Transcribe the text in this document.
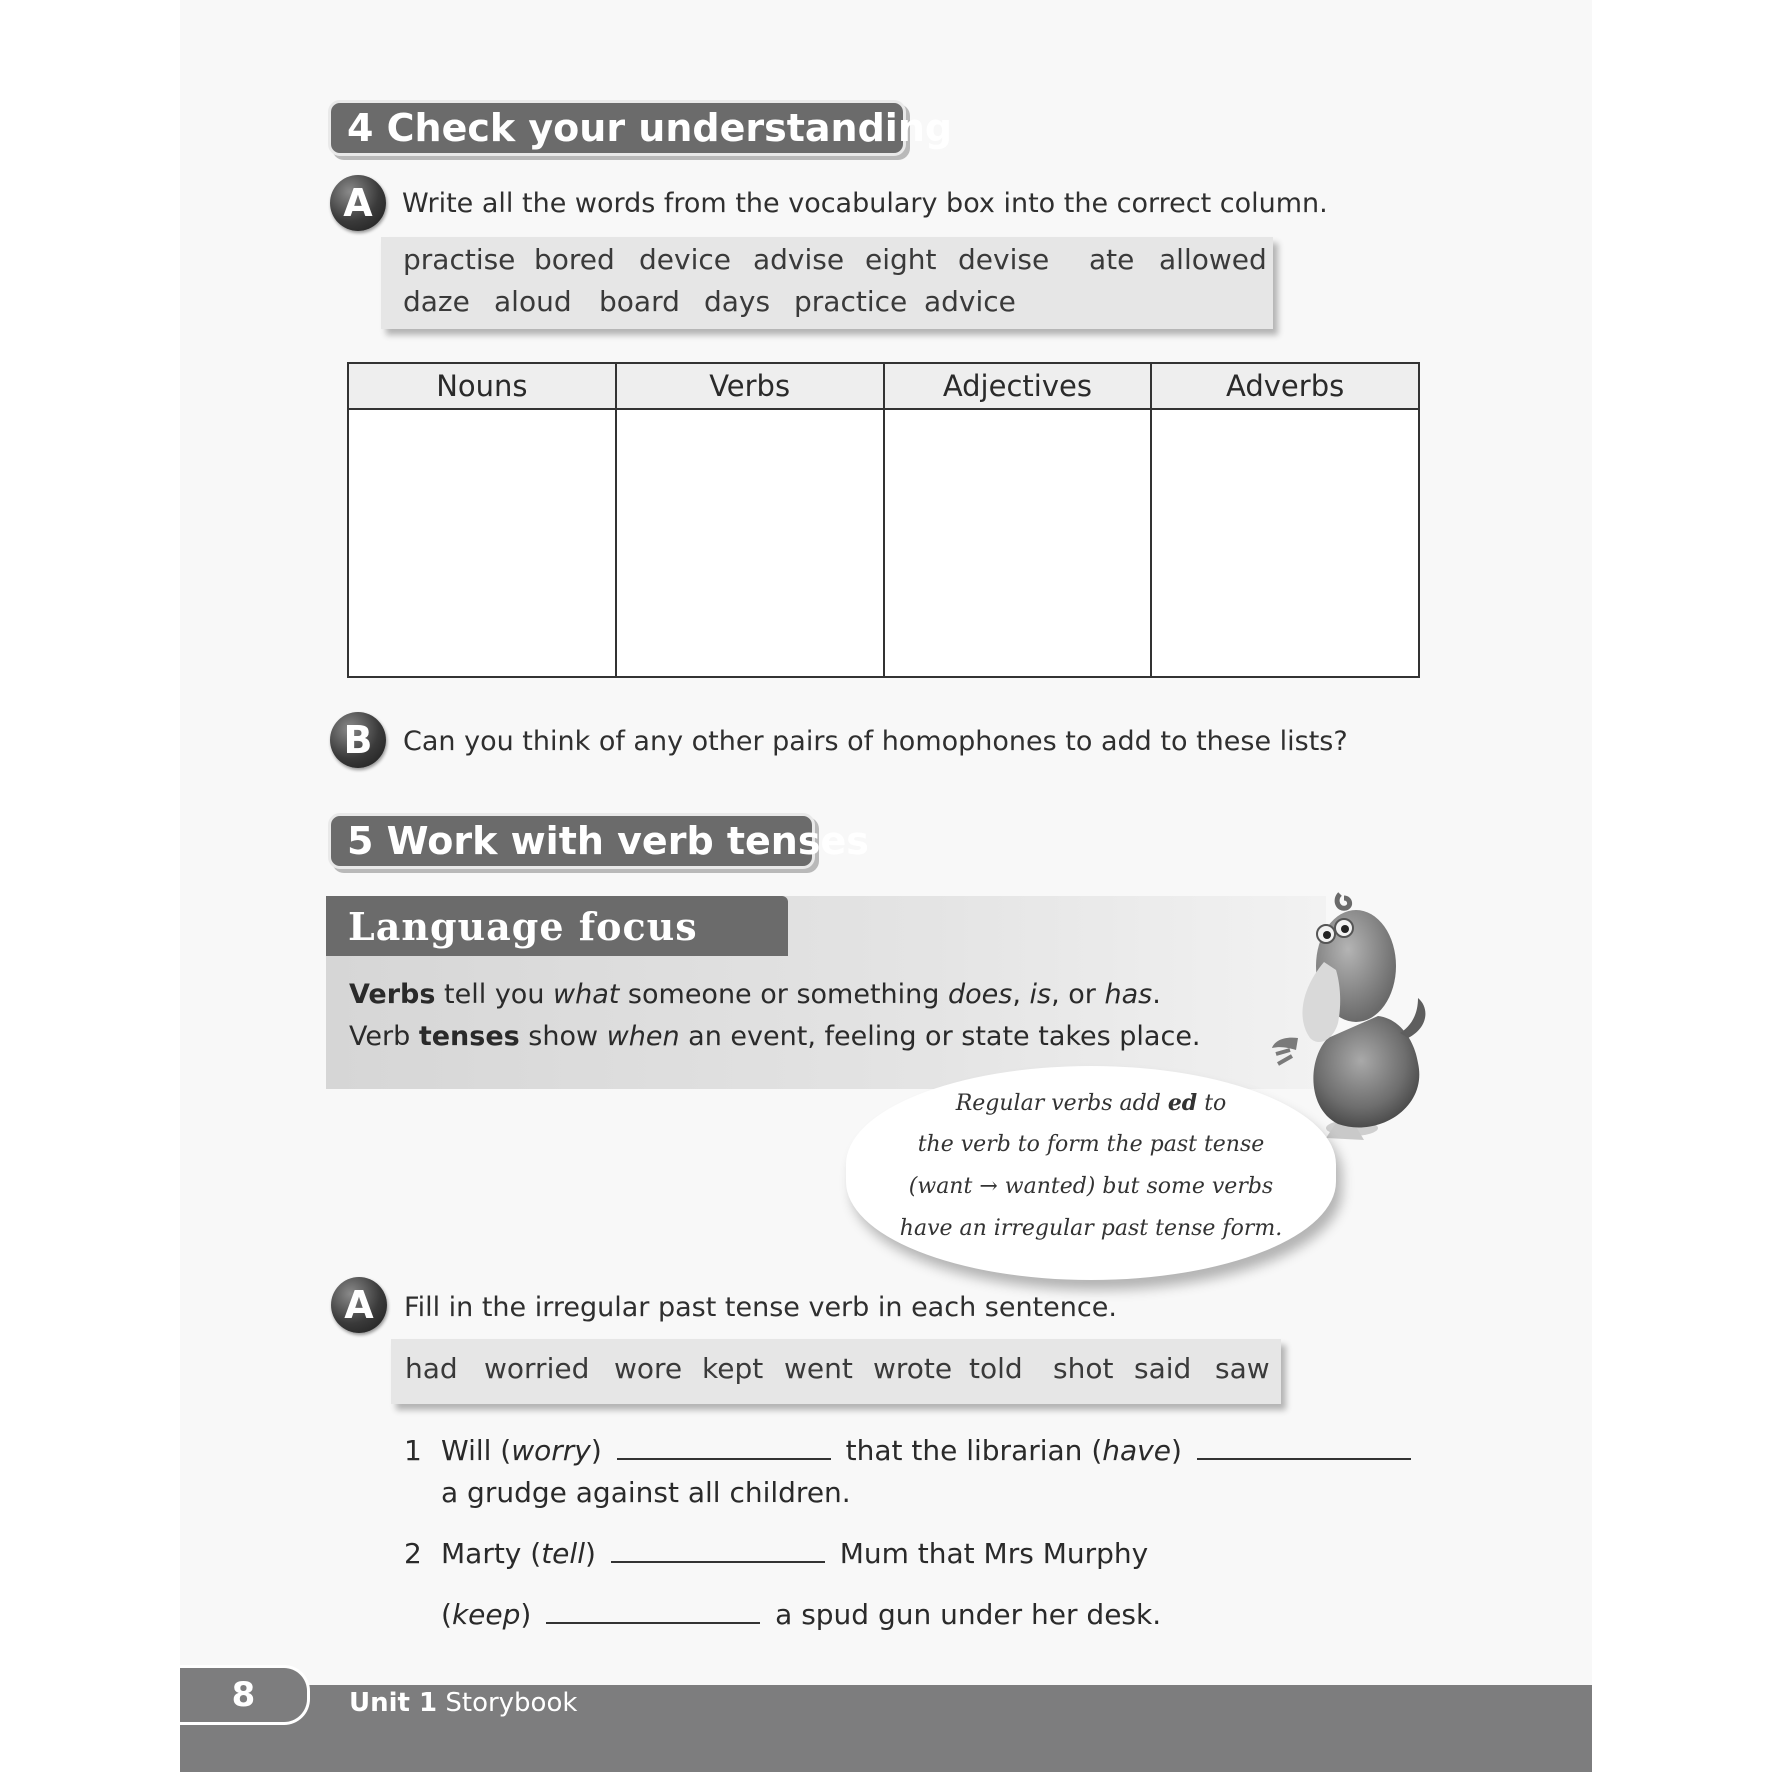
4 Check your understanding
A Write all the words from the vocabulary box into the correct column.
practise bored device advise eight devise ate allowed
daze aloud board days practice advice
Nouns	Verbs	Adjectives	Adverbs

B Can you think of any other pairs of homophones to add to these lists?
5 Work with verb tenses
Language focus
Verbs tell you what someone or something does, is, or has.
Verb tenses show when an event, feeling or state takes place.
Regular verbs add ed to
the verb to form the past tense
(want → wanted) but some verbs
have an irregular past tense form.
A Fill in the irregular past tense verb in each sentence.
had worried wore kept went wrote told shot said saw
1 Will (worry)	that the librarian (have)
a grudge against all children.
2 Marty (tell)	Mum that Mrs Murphy
(keep)	a spud gun under her desk.
8	Unit 1 Storybook
